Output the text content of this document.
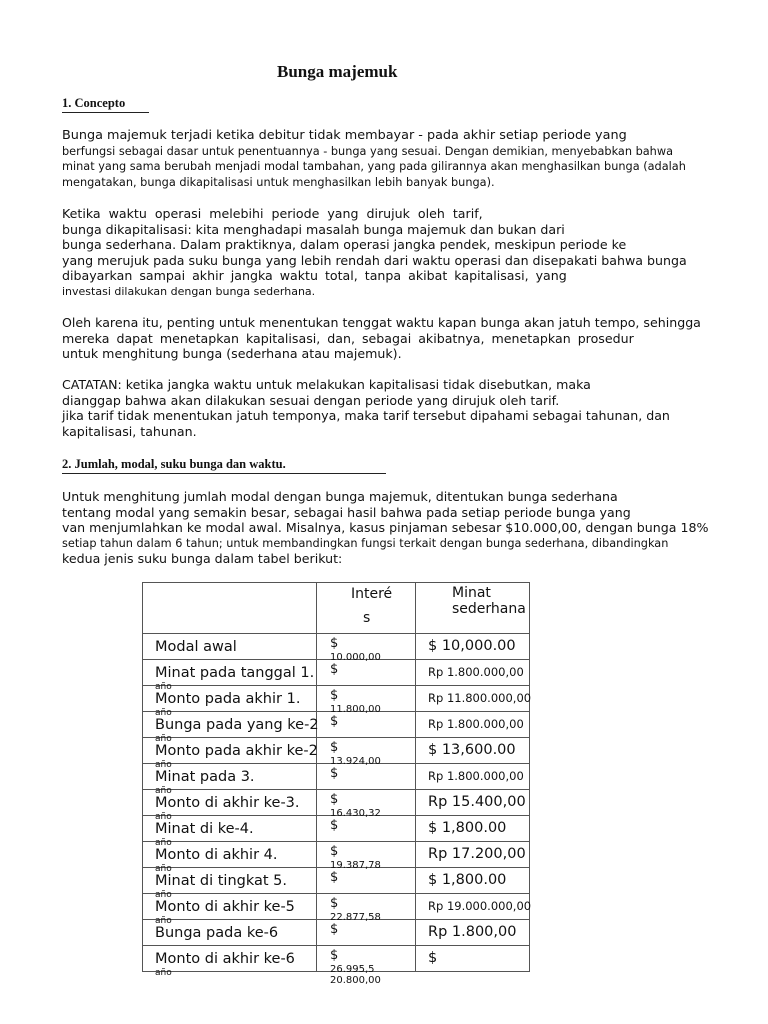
Bunga majemuk
1. Concepto
Bunga majemuk terjadi ketika debitur tidak membayar - pada akhir setiap periode yang
berfungsi sebagai dasar untuk penentuannya - bunga yang sesuai. Dengan demikian, menyebabkan bahwa
minat yang sama berubah menjadi modal tambahan, yang pada gilirannya akan menghasilkan bunga (adalah
mengatakan, bunga dikapitalisasi untuk menghasilkan lebih banyak bunga).
Ketika waktu operasi melebihi periode yang dirujuk oleh tarif,
bunga dikapitalisasi: kita menghadapi masalah bunga majemuk dan bukan dari
bunga sederhana. Dalam praktiknya, dalam operasi jangka pendek, meskipun periode ke
yang merujuk pada suku bunga yang lebih rendah dari waktu operasi dan disepakati bahwa bunga
dibayarkan sampai akhir jangka waktu total, tanpa akibat kapitalisasi, yang
investasi dilakukan dengan bunga sederhana.
Oleh karena itu, penting untuk menentukan tenggat waktu kapan bunga akan jatuh tempo, sehingga
mereka dapat menetapkan kapitalisasi, dan, sebagai akibatnya, menetapkan prosedur
untuk menghitung bunga (sederhana atau majemuk).
CATATAN: ketika jangka waktu untuk melakukan kapitalisasi tidak disebutkan, maka
dianggap bahwa akan dilakukan sesuai dengan periode yang dirujuk oleh tarif.
jika tarif tidak menentukan jatuh temponya, maka tarif tersebut dipahami sebagai tahunan, dan
kapitalisasi, tahunan.
2. Jumlah, modal, suku bunga dan waktu.
Untuk menghitung jumlah modal dengan bunga majemuk, ditentukan bunga sederhana
tentang modal yang semakin besar, sebagai hasil bahwa pada setiap periode bunga yang
van menjumlahkan ke modal awal. Misalnya, kasus pinjaman sebesar $10.000,00, dengan bunga 18%
setiap tahun dalam 6 tahun; untuk membandingkan fungsi terkait dengan bunga sederhana, dibandingkan
kedua jenis suku bunga dalam tabel berikut:

	Interé
s	Minat
sederhana

Modal awal	$
10.000,00	$ 10,000.00

Minat pada tanggal 1.
año	$	Rp 1.800.000,00

Monto pada akhir 1.
año	$
11.800,00	Rp 11.800.000,00

Bunga pada yang ke-2
año	$	Rp 1.800.000,00

Monto pada akhir ke-2
año	$
13.924,00	$ 13,600.00

Minat pada 3.
año	$	Rp 1.800.000,00

Monto di akhir ke-3.
año	$
16.430,32	Rp 15.400,00

Minat di ke-4.
año	$	$ 1,800.00

Monto di akhir 4.
año	$
19.387,78	Rp 17.200,00

Minat di tingkat 5.
año	$	$ 1,800.00

Monto di akhir ke-5
año	$
22.877,58	Rp 19.000.000,00

Bunga pada ke-6	$	Rp 1.800,00

Monto di akhir ke-6
año	$
26.995,5 20.800,00	$
